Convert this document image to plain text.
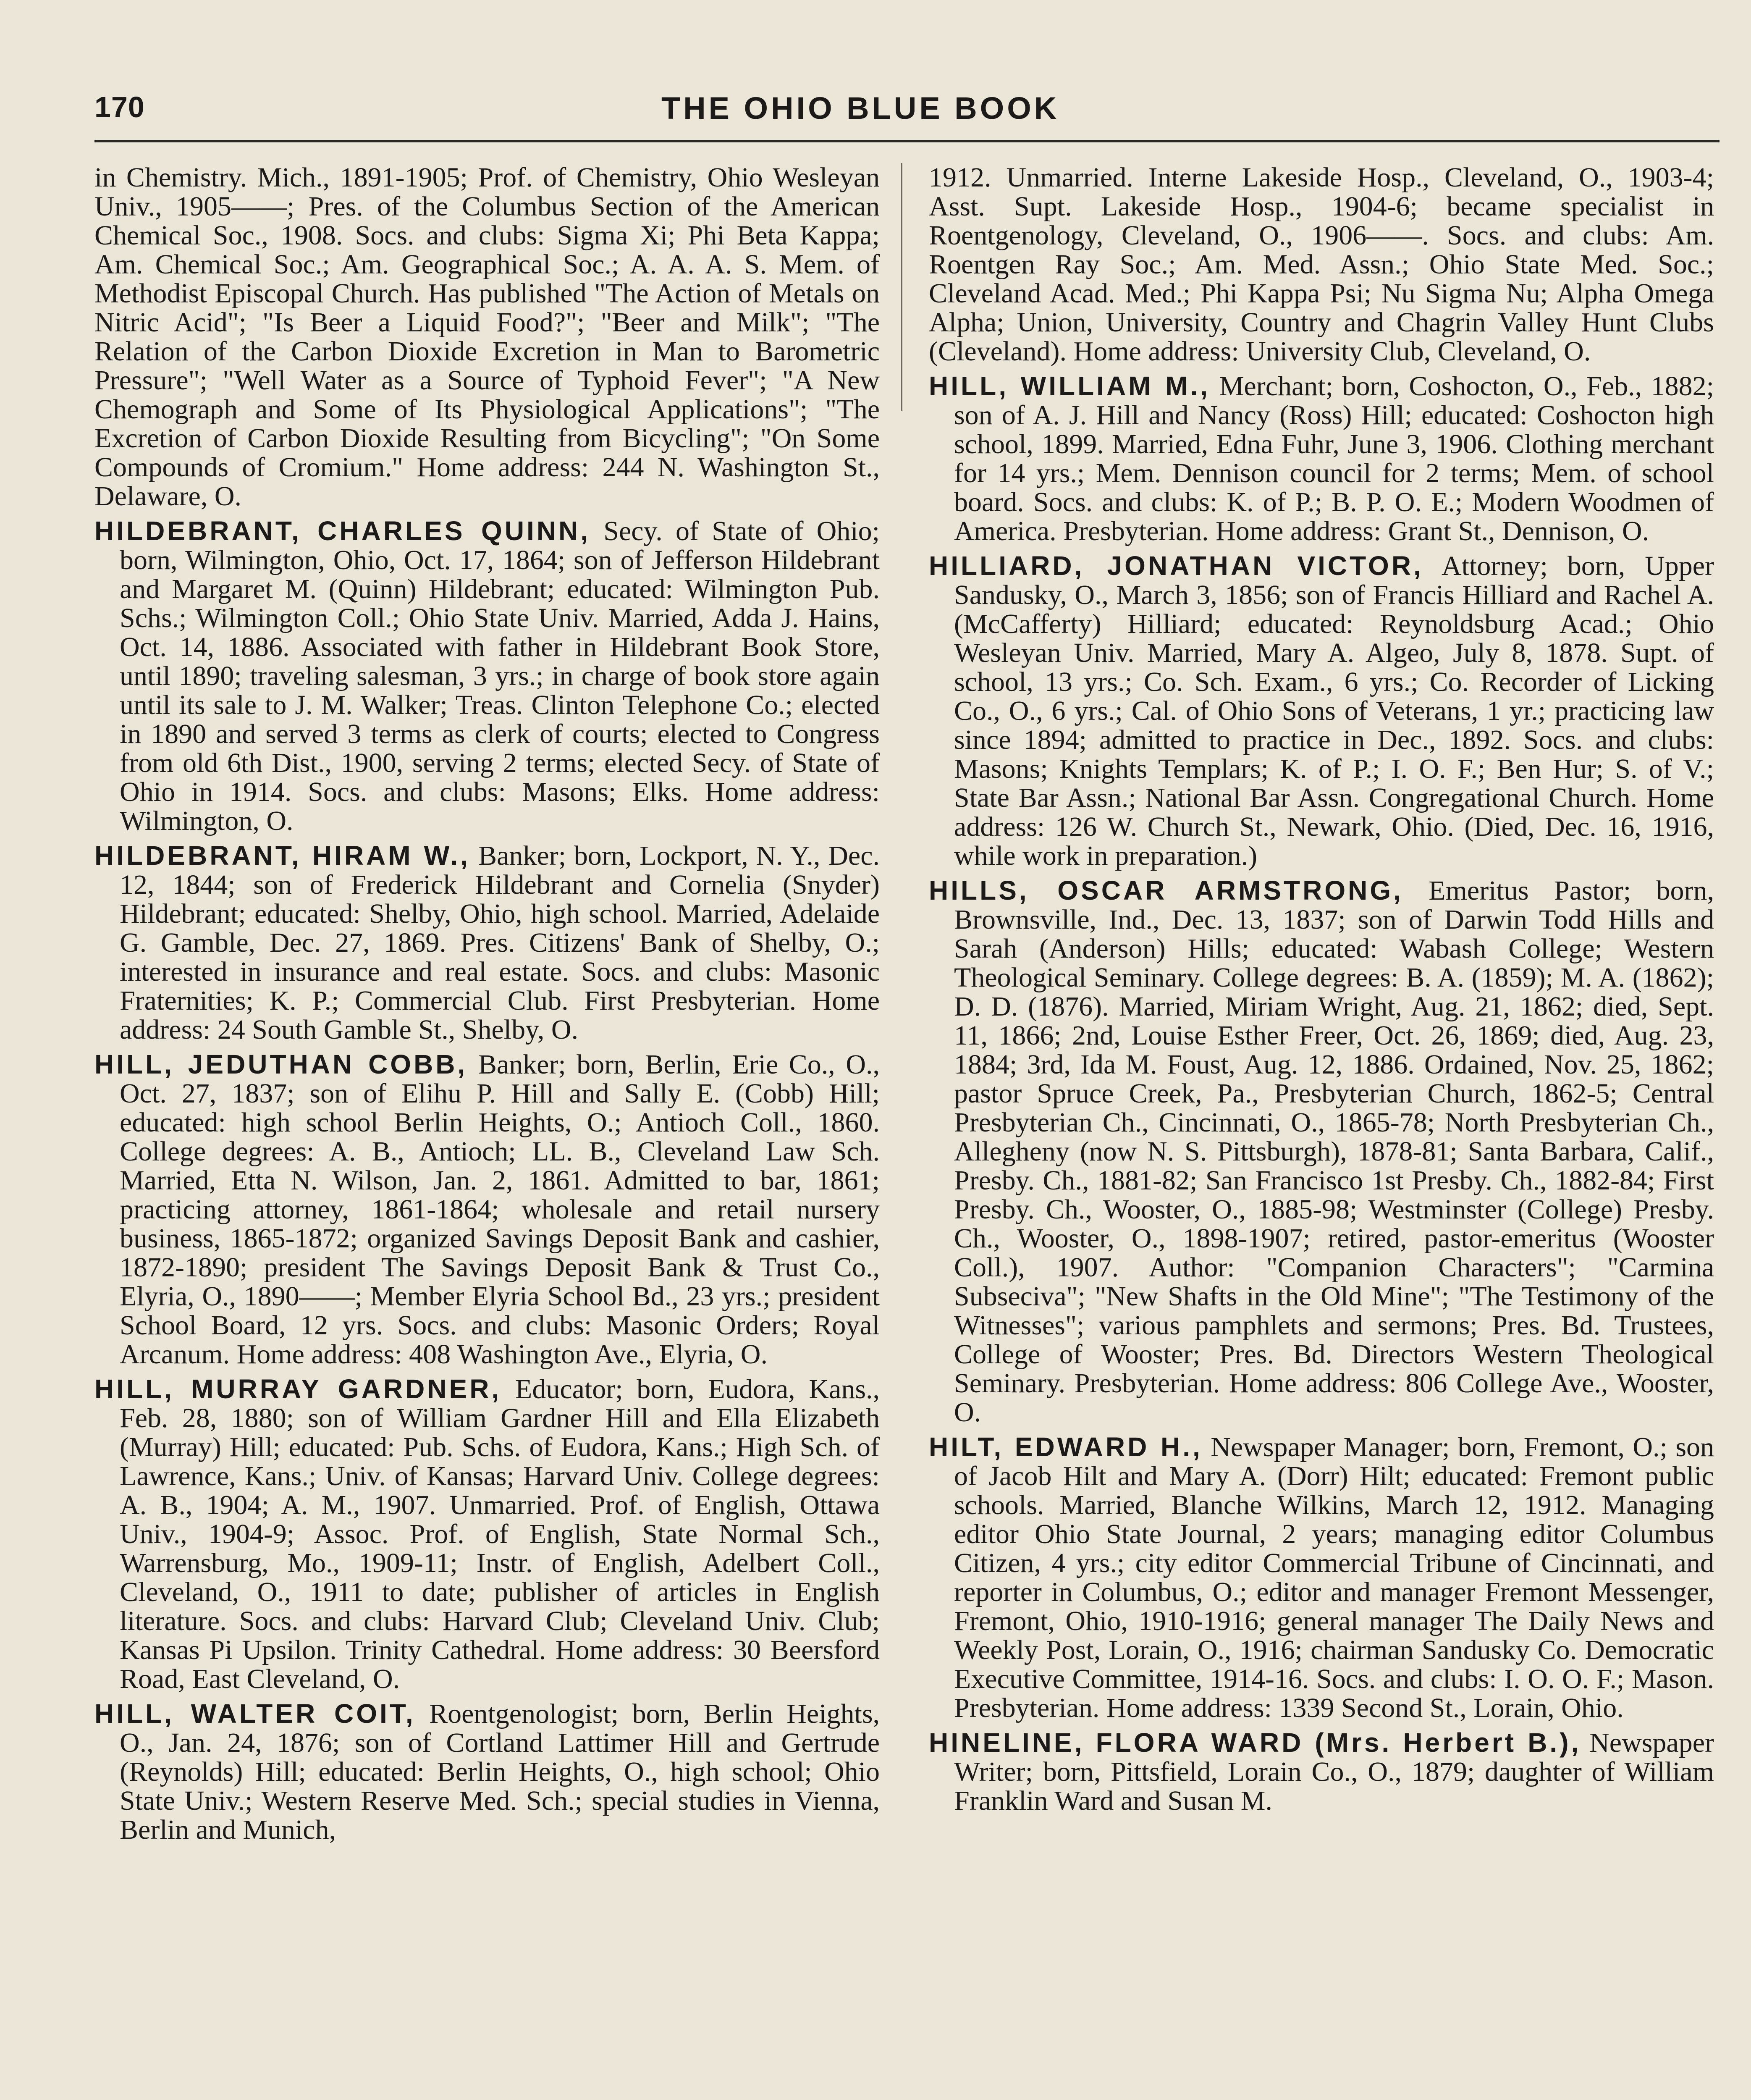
170	THE OHIO BLUE BOOK

in Chemistry. Mich., 1891-1905; Prof. of Chemistry, Ohio Wesleyan Univ., 1905——; Pres. of the Columbus Section of the American Chemical Soc., 1908. Socs. and clubs: Sigma Xi; Phi Beta Kappa; Am. Chemical Soc.; Am. Geographical Soc.; A. A. A. S. Mem. of Methodist Episcopal Church. Has published "The Action of Metals on Nitric Acid"; "Is Beer a Liquid Food?"; "Beer and Milk"; "The Relation of the Carbon Dioxide Excretion in Man to Barometric Pressure"; "Well Water as a Source of Typhoid Fever"; "A New Chemograph and Some of Its Physiological Applications"; "The Excretion of Carbon Dioxide Resulting from Bicycling"; "On Some Compounds of Cromium." Home address: 244 N. Washington St., Delaware, O.

HILDEBRANT, CHARLES QUINN, Secy. of State of Ohio; born, Wilmington, Ohio, Oct. 17, 1864; son of Jefferson Hildebrant and Margaret M. (Quinn) Hildebrant; educated: Wilmington Pub. Schs.; Wilmington Coll.; Ohio State Univ. Married, Adda J. Hains, Oct. 14, 1886. Associated with father in Hildebrant Book Store, until 1890; traveling salesman, 3 yrs.; in charge of book store again until its sale to J. M. Walker; Treas. Clinton Telephone Co.; elected in 1890 and served 3 terms as clerk of courts; elected to Congress from old 6th Dist., 1900, serving 2 terms; elected Secy. of State of Ohio in 1914. Socs. and clubs: Masons; Elks. Home address: Wilmington, O.

HILDEBRANT, HIRAM W., Banker; born, Lockport, N. Y., Dec. 12, 1844; son of Frederick Hildebrant and Cornelia (Snyder) Hildebrant; educated: Shelby, Ohio, high school. Married, Adelaide G. Gamble, Dec. 27, 1869. Pres. Citizens' Bank of Shelby, O.; interested in insurance and real estate. Socs. and clubs: Masonic Fraternities; K. P.; Commercial Club. First Presbyterian. Home address: 24 South Gamble St., Shelby, O.

HILL, JEDUTHAN COBB, Banker; born, Berlin, Erie Co., O., Oct. 27, 1837; son of Elihu P. Hill and Sally E. (Cobb) Hill; educated: high school Berlin Heights, O.; Antioch Coll., 1860. College degrees: A. B., Antioch; LL. B., Cleveland Law Sch. Married, Etta N. Wilson, Jan. 2, 1861. Admitted to bar, 1861; practicing attorney, 1861-1864; wholesale and retail nursery business, 1865-1872; organized Savings Deposit Bank and cashier, 1872-1890; president The Savings Deposit Bank & Trust Co., Elyria, O., 1890——; Member Elyria School Bd., 23 yrs.; president School Board, 12 yrs. Socs. and clubs: Masonic Orders; Royal Arcanum. Home address: 408 Washington Ave., Elyria, O.

HILL, MURRAY GARDNER, Educator; born, Eudora, Kans., Feb. 28, 1880; son of William Gardner Hill and Ella Elizabeth (Murray) Hill; educated: Pub. Schs. of Eudora, Kans.; High Sch. of Lawrence, Kans.; Univ. of Kansas; Harvard Univ. College degrees: A. B., 1904; A. M., 1907. Unmarried. Prof. of English, Ottawa Univ., 1904-9; Assoc. Prof. of English, State Normal Sch., Warrensburg, Mo., 1909-11; Instr. of English, Adelbert Coll., Cleveland, O., 1911 to date; publisher of articles in English literature. Socs. and clubs: Harvard Club; Cleveland Univ. Club; Kansas Pi Upsilon. Trinity Cathedral. Home address: 30 Beersford Road, East Cleveland, O.

HILL, WALTER COIT, Roentgenologist; born, Berlin Heights, O., Jan. 24, 1876; son of Cortland Lattimer Hill and Gertrude (Reynolds) Hill; educated: Berlin Heights, O., high school; Ohio State Univ.; Western Reserve Med. Sch.; special studies in Vienna, Berlin and Munich,

1912. Unmarried. Interne Lakeside Hosp., Cleveland, O., 1903-4; Asst. Supt. Lakeside Hosp., 1904-6; became specialist in Roentgenology, Cleveland, O., 1906——. Socs. and clubs: Am. Roentgen Ray Soc.; Am. Med. Assn.; Ohio State Med. Soc.; Cleveland Acad. Med.; Phi Kappa Psi; Nu Sigma Nu; Alpha Omega Alpha; Union, University, Country and Chagrin Valley Hunt Clubs (Cleveland). Home address: University Club, Cleveland, O.

HILL, WILLIAM M., Merchant; born, Coshocton, O., Feb., 1882; son of A. J. Hill and Nancy (Ross) Hill; educated: Coshocton high school, 1899. Married, Edna Fuhr, June 3, 1906. Clothing merchant for 14 yrs.; Mem. Dennison council for 2 terms; Mem. of school board. Socs. and clubs: K. of P.; B. P. O. E.; Modern Woodmen of America. Presbyterian. Home address: Grant St., Dennison, O.

HILLIARD, JONATHAN VICTOR, Attorney; born, Upper Sandusky, O., March 3, 1856; son of Francis Hilliard and Rachel A. (McCafferty) Hilliard; educated: Reynoldsburg Acad.; Ohio Wesleyan Univ. Married, Mary A. Algeo, July 8, 1878. Supt. of school, 13 yrs.; Co. Sch. Exam., 6 yrs.; Co. Recorder of Licking Co., O., 6 yrs.; Cal. of Ohio Sons of Veterans, 1 yr.; practicing law since 1894; admitted to practice in Dec., 1892. Socs. and clubs: Masons; Knights Templars; K. of P.; I. O. F.; Ben Hur; S. of V.; State Bar Assn.; National Bar Assn. Congregational Church. Home address: 126 W. Church St., Newark, Ohio. (Died, Dec. 16, 1916, while work in preparation.)

HILLS, OSCAR ARMSTRONG, Emeritus Pastor; born, Brownsville, Ind., Dec. 13, 1837; son of Darwin Todd Hills and Sarah (Anderson) Hills; educated: Wabash College; Western Theological Seminary. College degrees: B. A. (1859); M. A. (1862); D. D. (1876). Married, Miriam Wright, Aug. 21, 1862; died, Sept. 11, 1866; 2nd, Louise Esther Freer, Oct. 26, 1869; died, Aug. 23, 1884; 3rd, Ida M. Foust, Aug. 12, 1886. Ordained, Nov. 25, 1862; pastor Spruce Creek, Pa., Presbyterian Church, 1862-5; Central Presbyterian Ch., Cincinnati, O., 1865-78; North Presbyterian Ch., Allegheny (now N. S. Pittsburgh), 1878-81; Santa Barbara, Calif., Presby. Ch., 1881-82; San Francisco 1st Presby. Ch., 1882-84; First Presby. Ch., Wooster, O., 1885-98; Westminster (College) Presby. Ch., Wooster, O., 1898-1907; retired, pastor-emeritus (Wooster Coll.), 1907. Author: "Companion Characters"; "Carmina Subseciva"; "New Shafts in the Old Mine"; "The Testimony of the Witnesses"; various pamphlets and sermons; Pres. Bd. Trustees, College of Wooster; Pres. Bd. Directors Western Theological Seminary. Presbyterian. Home address: 806 College Ave., Wooster, O.

HILT, EDWARD H., Newspaper Manager; born, Fremont, O.; son of Jacob Hilt and Mary A. (Dorr) Hilt; educated: Fremont public schools. Married, Blanche Wilkins, March 12, 1912. Managing editor Ohio State Journal, 2 years; managing editor Columbus Citizen, 4 yrs.; city editor Commercial Tribune of Cincinnati, and reporter in Columbus, O.; editor and manager Fremont Messenger, Fremont, Ohio, 1910-1916; general manager The Daily News and Weekly Post, Lorain, O., 1916; chairman Sandusky Co. Democratic Executive Committee, 1914-16. Socs. and clubs: I. O. O. F.; Mason. Presbyterian. Home address: 1339 Second St., Lorain, Ohio.

HINELINE, FLORA WARD (Mrs. Herbert B.), Newspaper Writer; born, Pittsfield, Lorain Co., O., 1879; daughter of William Franklin Ward and Susan M.
